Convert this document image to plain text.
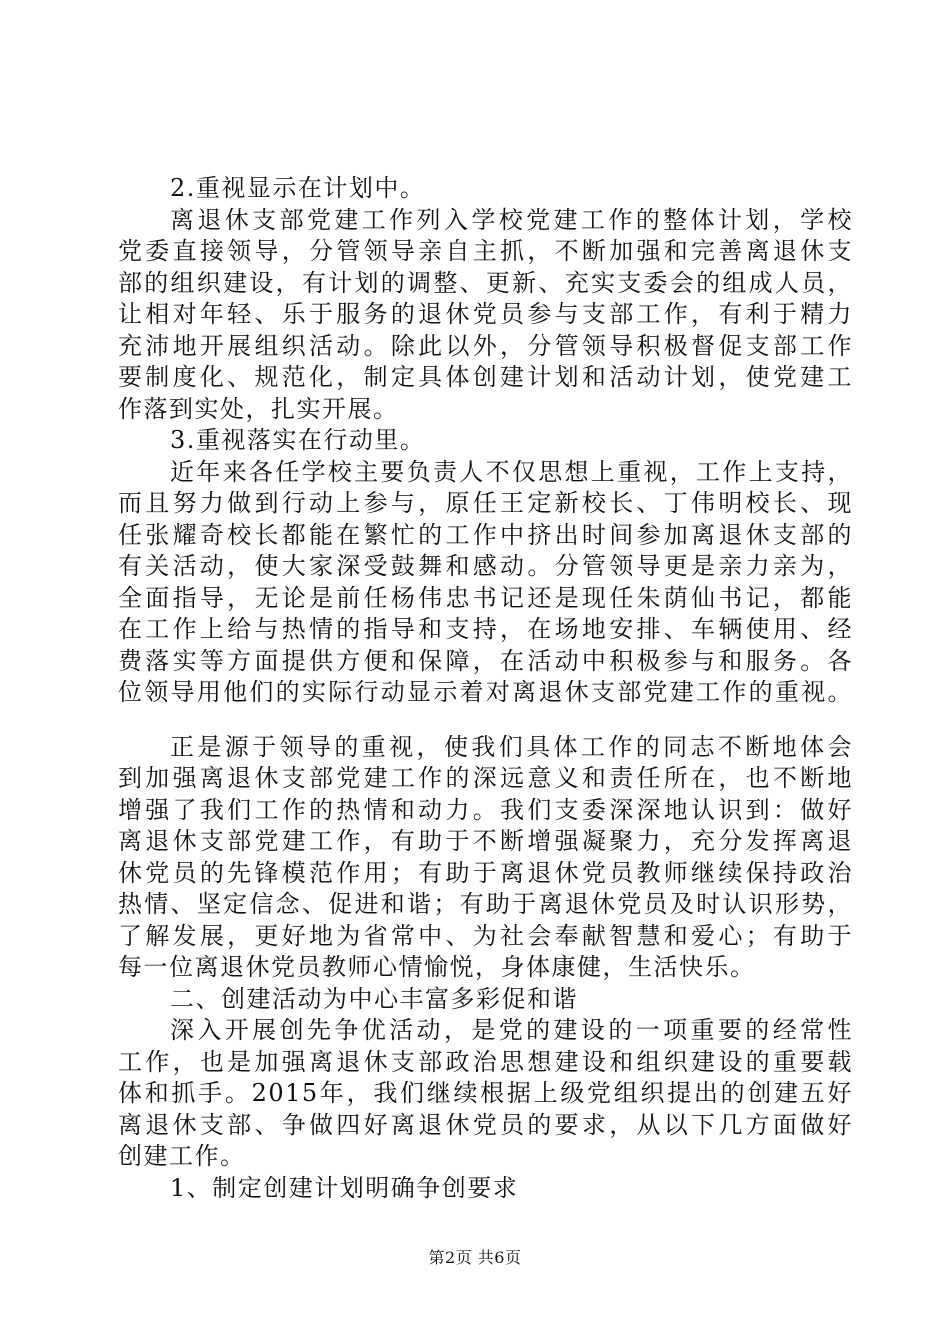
2.重视显示在计划中。
离退休支部党建工作列入学校党建工作的整体计划，学校
党委直接领导，分管领导亲自主抓，不断加强和完善离退休支
部的组织建设，有计划的调整、更新、充实支委会的组成人员，
让相对年轻、乐于服务的退休党员参与支部工作，有利于精力
充沛地开展组织活动。除此以外，分管领导积极督促支部工作
要制度化、规范化，制定具体创建计划和活动计划，使党建工
作落到实处，扎实开展。
3.重视落实在行动里。
近年来各任学校主要负责人不仅思想上重视，工作上支持，
而且努力做到行动上参与，原任王定新校长、丁伟明校长、现
任张耀奇校长都能在繁忙的工作中挤出时间参加离退休支部的
有关活动，使大家深受鼓舞和感动。分管领导更是亲力亲为，
全面指导，无论是前任杨伟忠书记还是现任朱荫仙书记，都能
在工作上给与热情的指导和支持，在场地安排、车辆使用、经
费落实等方面提供方便和保障，在活动中积极参与和服务。各
位领导用他们的实际行动显示着对离退休支部党建工作的重视。
正是源于领导的重视，使我们具体工作的同志不断地体会
到加强离退休支部党建工作的深远意义和责任所在，也不断地
增强了我们工作的热情和动力。我们支委深深地认识到：做好
离退休支部党建工作，有助于不断增强凝聚力，充分发挥离退
休党员的先锋模范作用；有助于离退休党员教师继续保持政治
热情、坚定信念、促进和谐；有助于离退休党员及时认识形势，
了解发展，更好地为省常中、为社会奉献智慧和爱心；有助于
每一位离退休党员教师心情愉悦，身体康健，生活快乐。
二、创建活动为中心丰富多彩促和谐
深入开展创先争优活动，是党的建设的一项重要的经常性
工作，也是加强离退休支部政治思想建设和组织建设的重要载
体和抓手。2015年，我们继续根据上级党组织提出的创建五好
离退休支部、争做四好离退休党员的要求，从以下几方面做好
创建工作。
1、制定创建计划明确争创要求
第2页 共6页
